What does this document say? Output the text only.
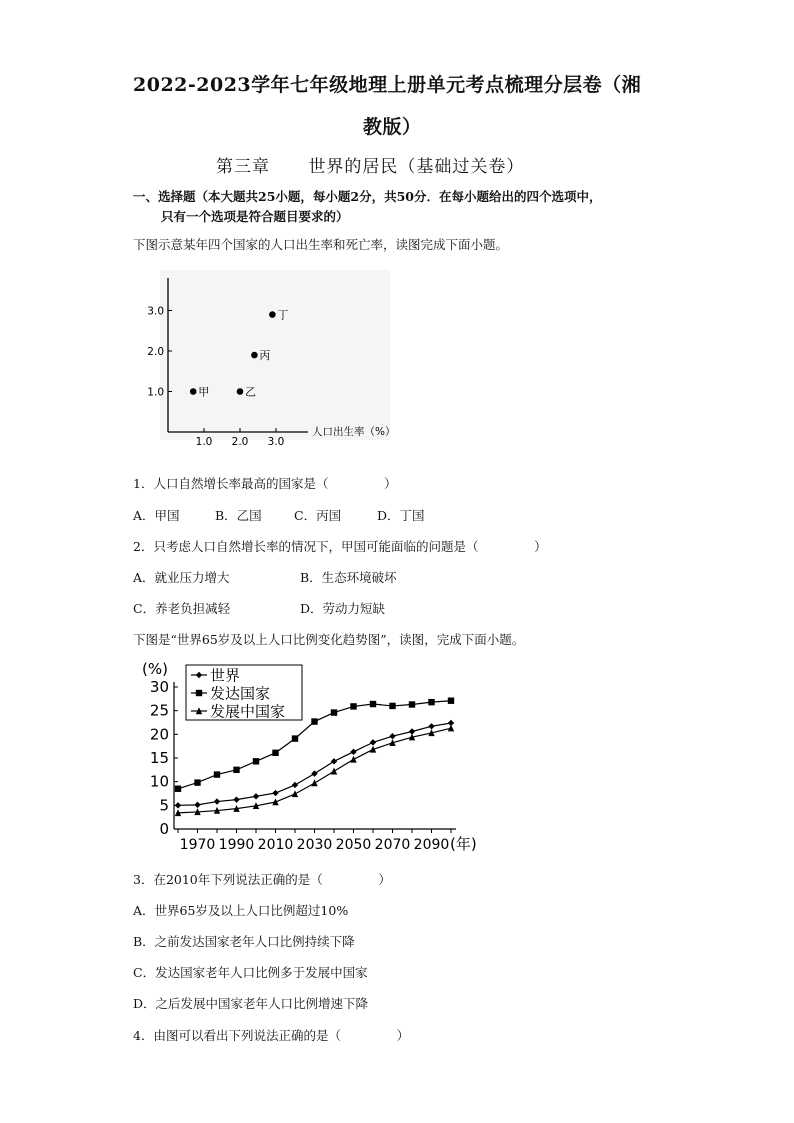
2022-2023学年七年级地理上册单元考点梳理分层卷（湘
教版）
第三章      世界的居民（基础过关卷）
一、选择题（本大题共25小题，每小题2分，共50分．在每小题给出的四个选项中，
只有一个选项是符合题目要求的）
下图示意某年四个国家的人口出生率和死亡率，读图完成下面小题。
1.0
2.0
3.0
1.0 2.0 3.0
甲	乙
丙
丁
人口出生率（%）
1．人口自然增长率最高的国家是（              ）
A．甲国	B．乙国	C．丙国	D．丁国
2．只考虑人口自然增长率的情况下，甲国可能面临的问题是（              ）
A．就业压力增大	B．生态环境破坏
C．养老负担减轻	D．劳动力短缺
下图是“世界65岁及以上人口比例变化趋势图”，读图，完成下面小题。
(%)
0
5
10
15
20
25
30
1970 1990 2010 2030 2050 2070 2090
世界
发达国家
发展中国家
(年)
3．在2010年下列说法正确的是（              ）
A．世界65岁及以上人口比例超过10%
B．之前发达国家老年人口比例持续下降
C．发达国家老年人口比例多于发展中国家
D．之后发展中国家老年人口比例增速下降
4．由图可以看出下列说法正确的是（              ）
